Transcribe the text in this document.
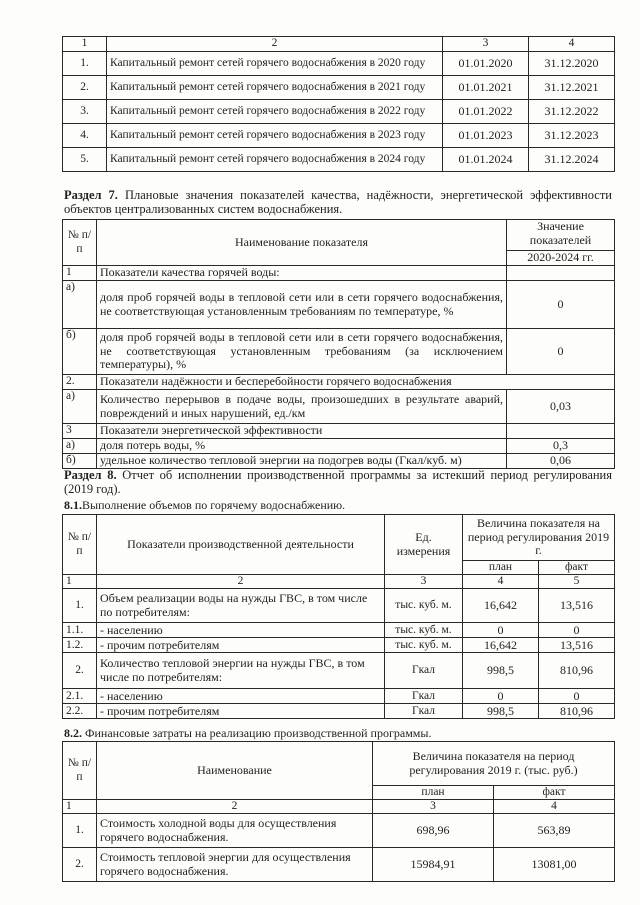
1	2	3	4
1.	Капитальный ремонт сетей горячего водоснабжения в 2020 году	01.01.2020	31.12.2020
2.	Капитальный ремонт сетей горячего водоснабжения в 2021 году	01.01.2021	31.12.2021
3.	Капитальный ремонт сетей горячего водоснабжения в 2022 году	01.01.2022	31.12.2022
4.	Капитальный ремонт сетей горячего водоснабжения в 2023 году	01.01.2023	31.12.2023
5.	Капитальный ремонт сетей горячего водоснабжения в 2024 году	01.01.2024	31.12.2024
Раздел 7. Плановые значения показателей качества, надёжности, энергетической эффективности объектов централизованных систем водоснабжения.
№ п/п	Наименование показателя	Значение показателей
2020-2024 гг.

1	Показатели качества горячей воды:	
а)	доля проб горячей воды в тепловой сети или в сети горячего водоснабжения, не соответствующая установленным требованиям по температуре, %	0
б)	доля проб горячей воды в тепловой сети или в сети горячего водоснабжения, не соответствующая установленным требованиям (за исключением температуры), %	0
2.	Показатели надёжности и бесперебойности горячего водоснабжения	
а)	Количество перерывов в подаче воды, произошедших в результате аварий, повреждений и иных нарушений, ед./км	0,03
3	Показатели энергетической эффективности	
а)	доля потерь воды, %	0,3
б)	удельное количество тепловой энергии на подогрев воды (Гкал/куб. м)	0,06
Раздел 8. Отчет об исполнении производственной программы за истекший период регулирования (2019 год).
8.1.Выполнение объемов по горячему водоснабжению.
№ п/п	Показатели производственной деятельности	Ед. измерения	Величина показателя на период регулирования 2019 г.	
			план	факт
1	2	3	4	5
1.	Объем реализации воды на нужды ГВС, в том числе по потребителям:	тыс. куб. м.	16,642	13,516
1.1.	- населению	тыс. куб. м.	0	0
1.2.	- прочим потребителям	тыс. куб. м.	16,642	13,516
2.	Количество тепловой энергии на нужды ГВС, в том числе по потребителям:	Гкал	998,5	810,96
2.1.	- населению	Гкал	0	0
2.2.	- прочим потребителям	Гкал	998,5	810,96
8.2. Финансовые затраты на реализацию производственной программы.
№ п/п	Наименование	Величина показателя на период регулирования 2019 г. (тыс. руб.)	
		план	факт
1	2	3	4
1.	Стоимость холодной воды для осуществления горячего водоснабжения.	698,96	563,89
2.	Стоимость тепловой энергии для осуществления горячего водоснабжения.	15984,91	13081,00
